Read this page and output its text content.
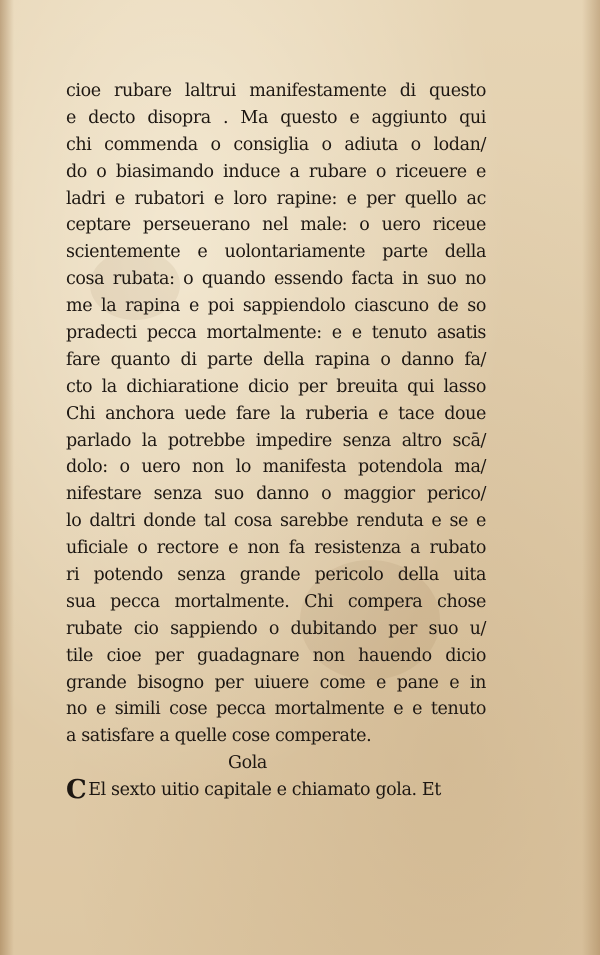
cioe rubare laltrui manifestamente di questo
e decto disopra . Ma questo e aggiunto qui
chi commenda o consiglia o adiuta o lodan/
do o biasimando induce a rubare o riceuere e
ladri e rubatori e loro rapine: e per quello ac
ceptare perseuerano nel male: o uero riceue
scientemente e uolontariamente parte della
cosa rubata: o quando essendo facta in suo no
me la rapina e poi sappiendolo ciascuno de so
pradecti pecca mortalmente: e e tenuto asatis
fare quanto di parte della rapina o danno fa/
cto la dichiaratione dicio per breuita qui lasso
Chi anchora uede fare la ruberia e tace doue
parlado la potrebbe impedire senza altro scā/
dolo: o uero non lo manifesta potendola ma/
nifestare senza suo danno o maggior perico/
lo daltri donde tal cosa sarebbe renduta e se e
uficiale o rectore e non fa resistenza a rubato
ri potendo senza grande pericolo della uita
sua pecca mortalmente. Chi compera chose
rubate cio sappiendo o dubitando per suo u/
tile cioe per guadagnare non hauendo dicio
grande bisogno per uiuere come e pane e in
no e simili cose pecca mortalmente e e tenuto
a satisfare a quelle cose comperate.
Gola
C El sexto uitio capitale e chiamato gola. Et
